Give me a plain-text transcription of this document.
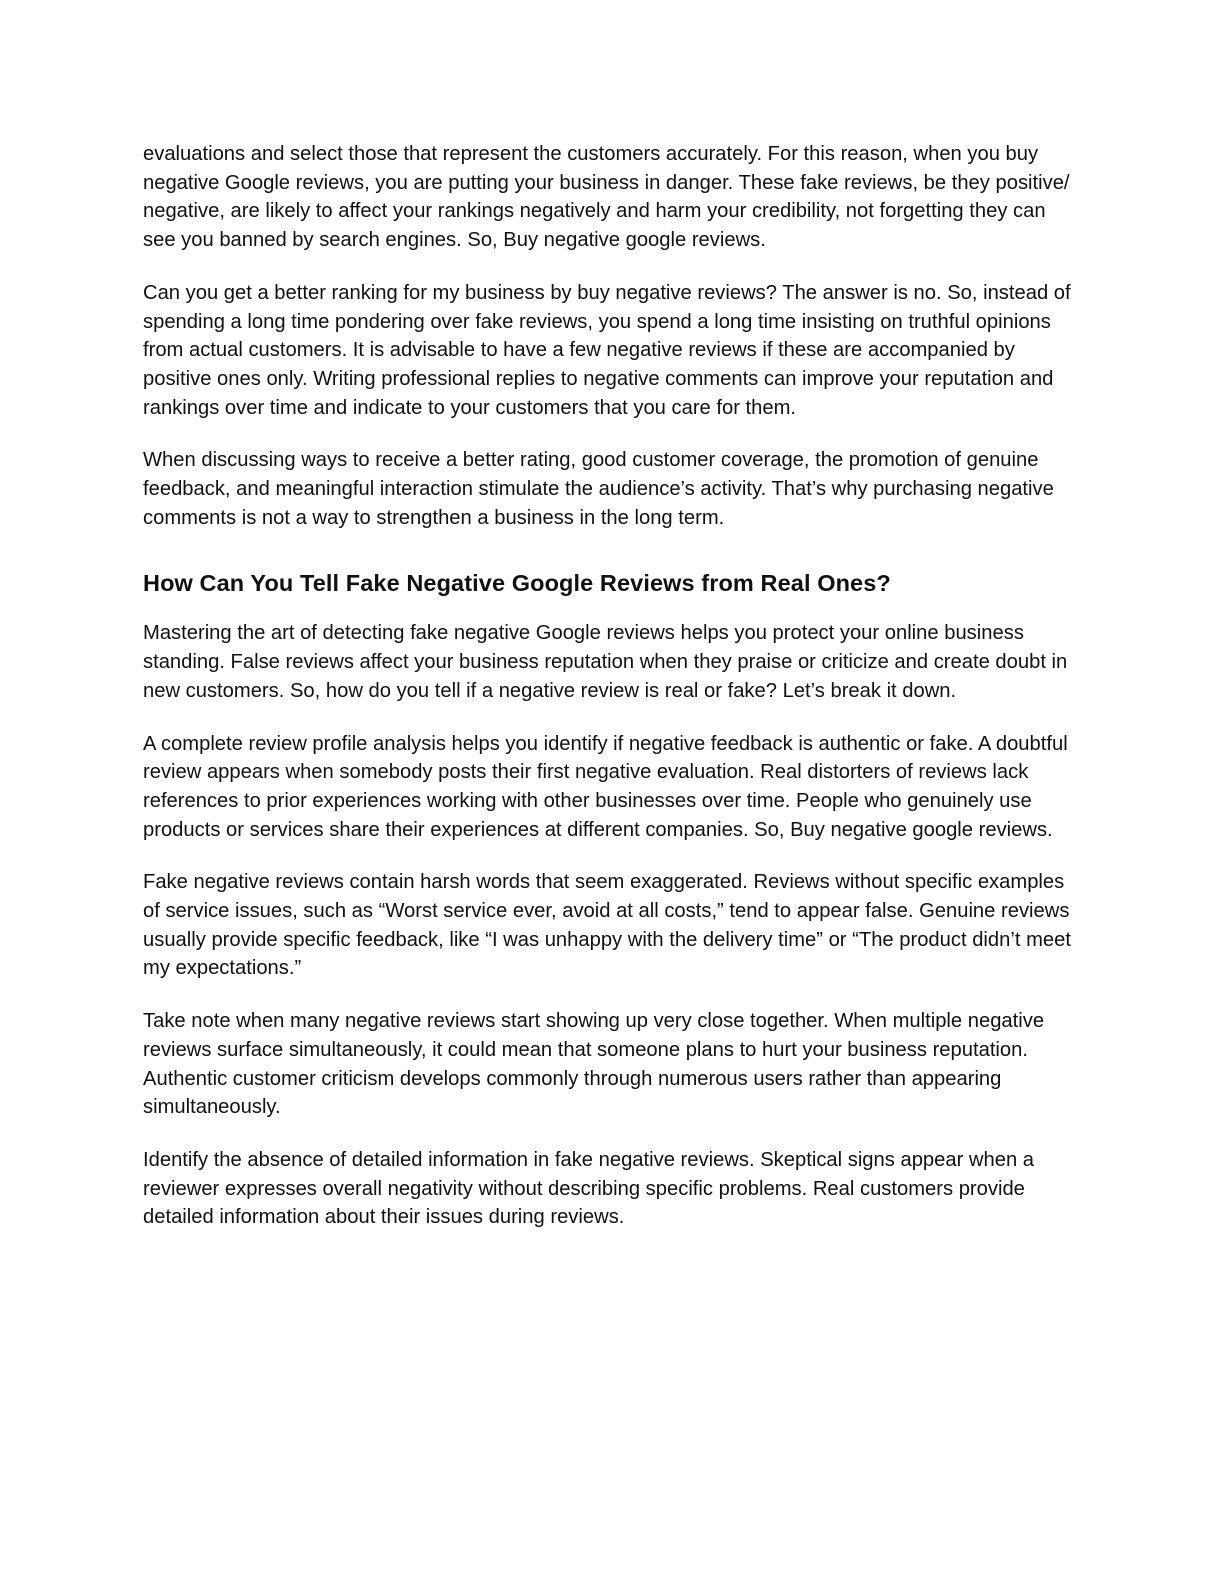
evaluations and select those that represent the customers accurately. For this reason, when you buy negative Google reviews, you are putting your business in danger. These fake reviews, be they positive/ negative, are likely to affect your rankings negatively and harm your credibility, not forgetting they can see you banned by search engines. So, Buy negative google reviews.

Can you get a better ranking for my business by buy negative reviews? The answer is no. So, instead of spending a long time pondering over fake reviews, you spend a long time insisting on truthful opinions from actual customers. It is advisable to have a few negative reviews if these are accompanied by positive ones only. Writing professional replies to negative comments can improve your reputation and rankings over time and indicate to your customers that you care for them.

When discussing ways to receive a better rating, good customer coverage, the promotion of genuine feedback, and meaningful interaction stimulate the audience’s activity. That’s why purchasing negative comments is not a way to strengthen a business in the long term.

How Can You Tell Fake Negative Google Reviews from Real Ones?

Mastering the art of detecting fake negative Google reviews helps you protect your online business standing. False reviews affect your business reputation when they praise or criticize and create doubt in new customers. So, how do you tell if a negative review is real or fake? Let’s break it down.

A complete review profile analysis helps you identify if negative feedback is authentic or fake. A doubtful review appears when somebody posts their first negative evaluation. Real distorters of reviews lack references to prior experiences working with other businesses over time. People who genuinely use products or services share their experiences at different companies. So, Buy negative google reviews.

Fake negative reviews contain harsh words that seem exaggerated. Reviews without specific examples of service issues, such as “Worst service ever, avoid at all costs,” tend to appear false. Genuine reviews usually provide specific feedback, like “I was unhappy with the delivery time” or “The product didn’t meet my expectations.”

Take note when many negative reviews start showing up very close together. When multiple negative reviews surface simultaneously, it could mean that someone plans to hurt your business reputation. Authentic customer criticism develops commonly through numerous users rather than appearing simultaneously.

Identify the absence of detailed information in fake negative reviews. Skeptical signs appear when a reviewer expresses overall negativity without describing specific problems. Real customers provide detailed information about their issues during reviews.
